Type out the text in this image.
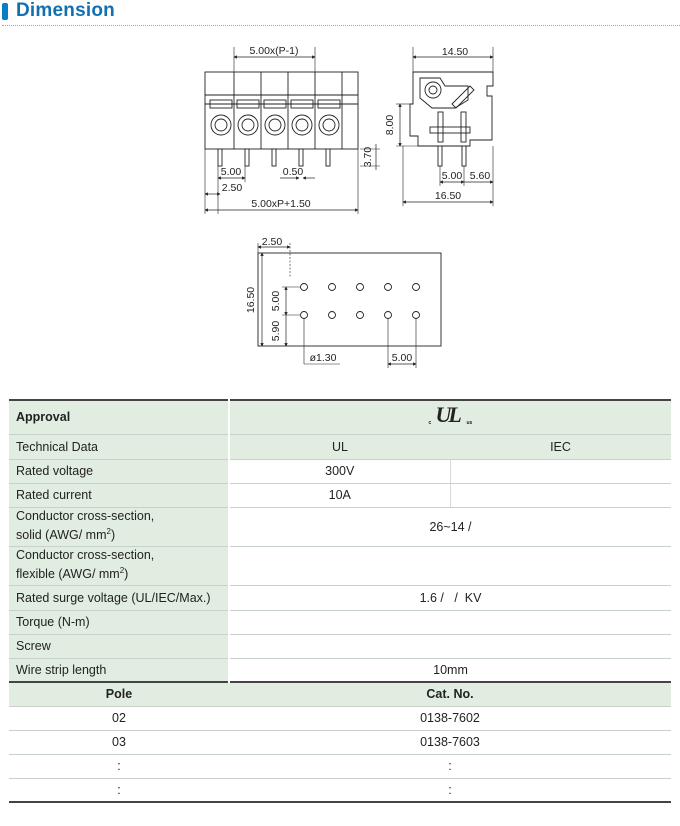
Dimension
5.00x(P-1)
5.00	0.50
2.50
5.00xP+1.50
3.70
14.50
8.00
5.00 5.60
16.50
2.50
16.50 5.00
5.90
ø1.30	5.00
Approval	c UL us	

Technical Data	UL	IEC
Rated voltage	300V	
Rated current	10A	
Conductor cross-section,
solid (AWG/ $mm^2$)	26~14 /	
Conductor cross-section,
flexible (AWG/ $mm^2$)		
Rated surge voltage (UL/IEC/Max.)	1.6 /   /  KV	
Torque (N-m)		
Screw		
Wire strip length	10mm	
Pole	Cat. No.	
02	0138-7602	
03	0138-7603	
:	:	
:	:	
